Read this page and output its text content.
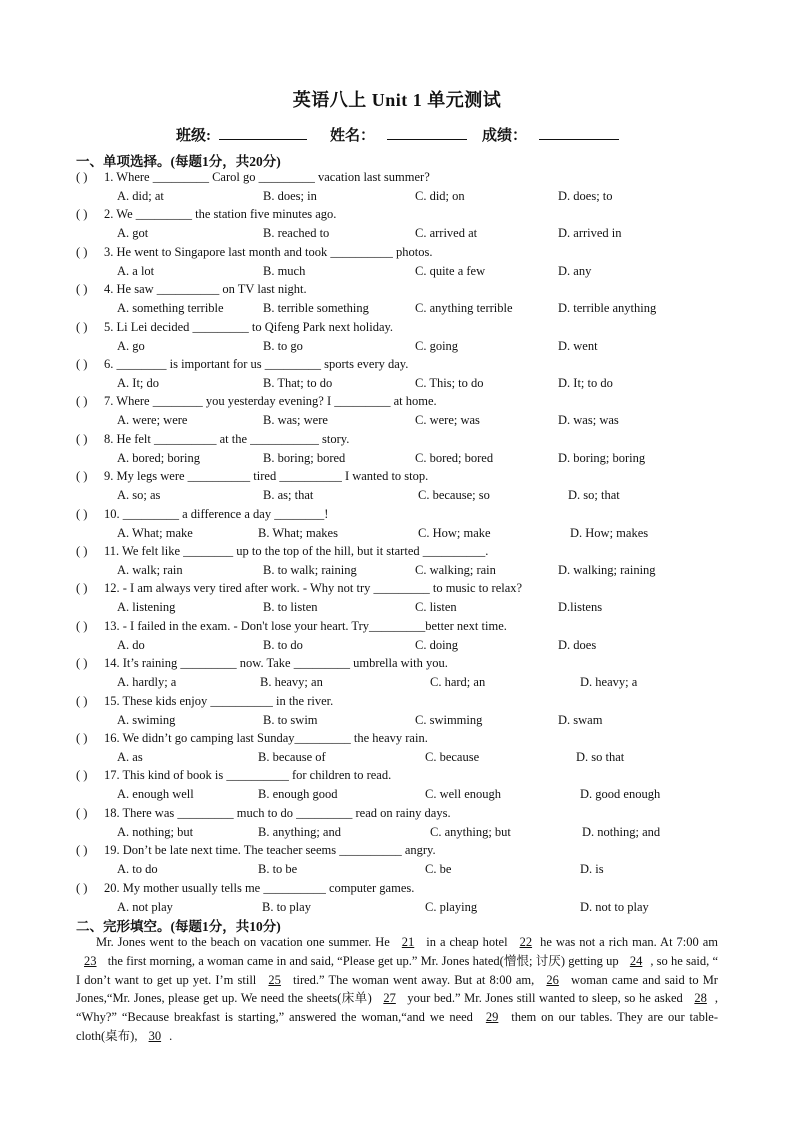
英语八上 Unit 1 单元测试
班级:	姓名：	成绩：
一、单项选择。(每题1分，共20分)
( ) 1. Where _________ Carol go _________ vacation last summer?
A. did; at	B. does; in	C. did; on	D. does; to
( ) 2. We _________ the station five minutes ago.
A. got	B. reached to	C. arrived at	D. arrived in
( ) 3. He went to Singapore last month and took __________ photos.
A. a lot	B. much	C. quite a few	D. any
( ) 4. He saw __________ on TV last night.
A. something terrible	B. terrible something	C. anything terrible	D. terrible anything
( ) 5. Li Lei decided _________ to Qifeng Park next holiday.
A. go	B. to go	C. going	D. went
( ) 6. ________ is important for us _________ sports every day.
A. It; do	B. That; to do	C. This; to do	D. It; to do
( ) 7. Where ________ you yesterday evening? I _________ at home.
A. were; were	B. was; were	C. were; was	D. was; was
( ) 8. He felt __________ at the ___________ story.
A. bored; boring	B. boring; bored	C. bored; bored	D. boring; boring
( ) 9. My legs were __________ tired __________ I wanted to stop.
A. so; as	B. as; that	C. because; so	D. so; that
( ) 10. _________ a difference a day ________!
A. What; make	B. What; makes	C. How; make	D. How; makes
( ) 11. We felt like ________ up to the top of the hill, but it started __________.
A. walk; rain	B. to walk; raining	C. walking; rain	D. walking; raining
( ) 12. - I am always very tired after work. - Why not try _________ to music to relax?
A. listening	B. to listen	C. listen	D.listens
( ) 13. - I failed in the exam. - Don't lose your heart. Try_________better next time.
A. do	B. to do	C. doing	D. does
( ) 14. It’s raining _________ now. Take _________ umbrella with you.
A. hardly; a	B. heavy; an	C. hard; an	D. heavy; a
( ) 15. These kids enjoy __________ in the river.
A. swiming	B. to swim	C. swimming	D. swam
( ) 16. We didn’t go camping last Sunday_________ the heavy rain.
A. as	B. because of	C. because	D. so that
( ) 17. This kind of book is __________ for children to read.
A. enough well	B. enough good	C. well enough	D. good enough
( ) 18. There was _________ much to do _________ read on rainy days.
A. nothing; but	B. anything; and	C. anything; but	D. nothing; and
( ) 19. Don’t be late next time. The teacher seems __________ angry.
A. to do	B. to be	C. be	D. is
( ) 20. My mother usually tells me __________ computer games.
A. not play	B. to play	C. playing	D. not to play
二、完形填空。(每题1分，共10分)
Mr. Jones went to the beach on vacation one summer. He 21 in a cheap hotel 22 he was not a rich man. At 7:00 am 23 the first morning, a woman came in and said, “Please get up.” Mr. Jones hated(憎恨; 讨厌) getting up 24 , so he said, “ I don’t want to get up yet. I’m still 25 tired.” The woman went away. But at 8:00 am, 26 woman came and said to Mr Jones,“Mr. Jones, please get up. We need the sheets(床单) 27 your bed.” Mr. Jones still wanted to sleep, so he asked 28 , “Why?” “Because breakfast is starting,” answered the woman,“and we need 29 them on our tables. They are our table-cloth(桌布), 30 .
